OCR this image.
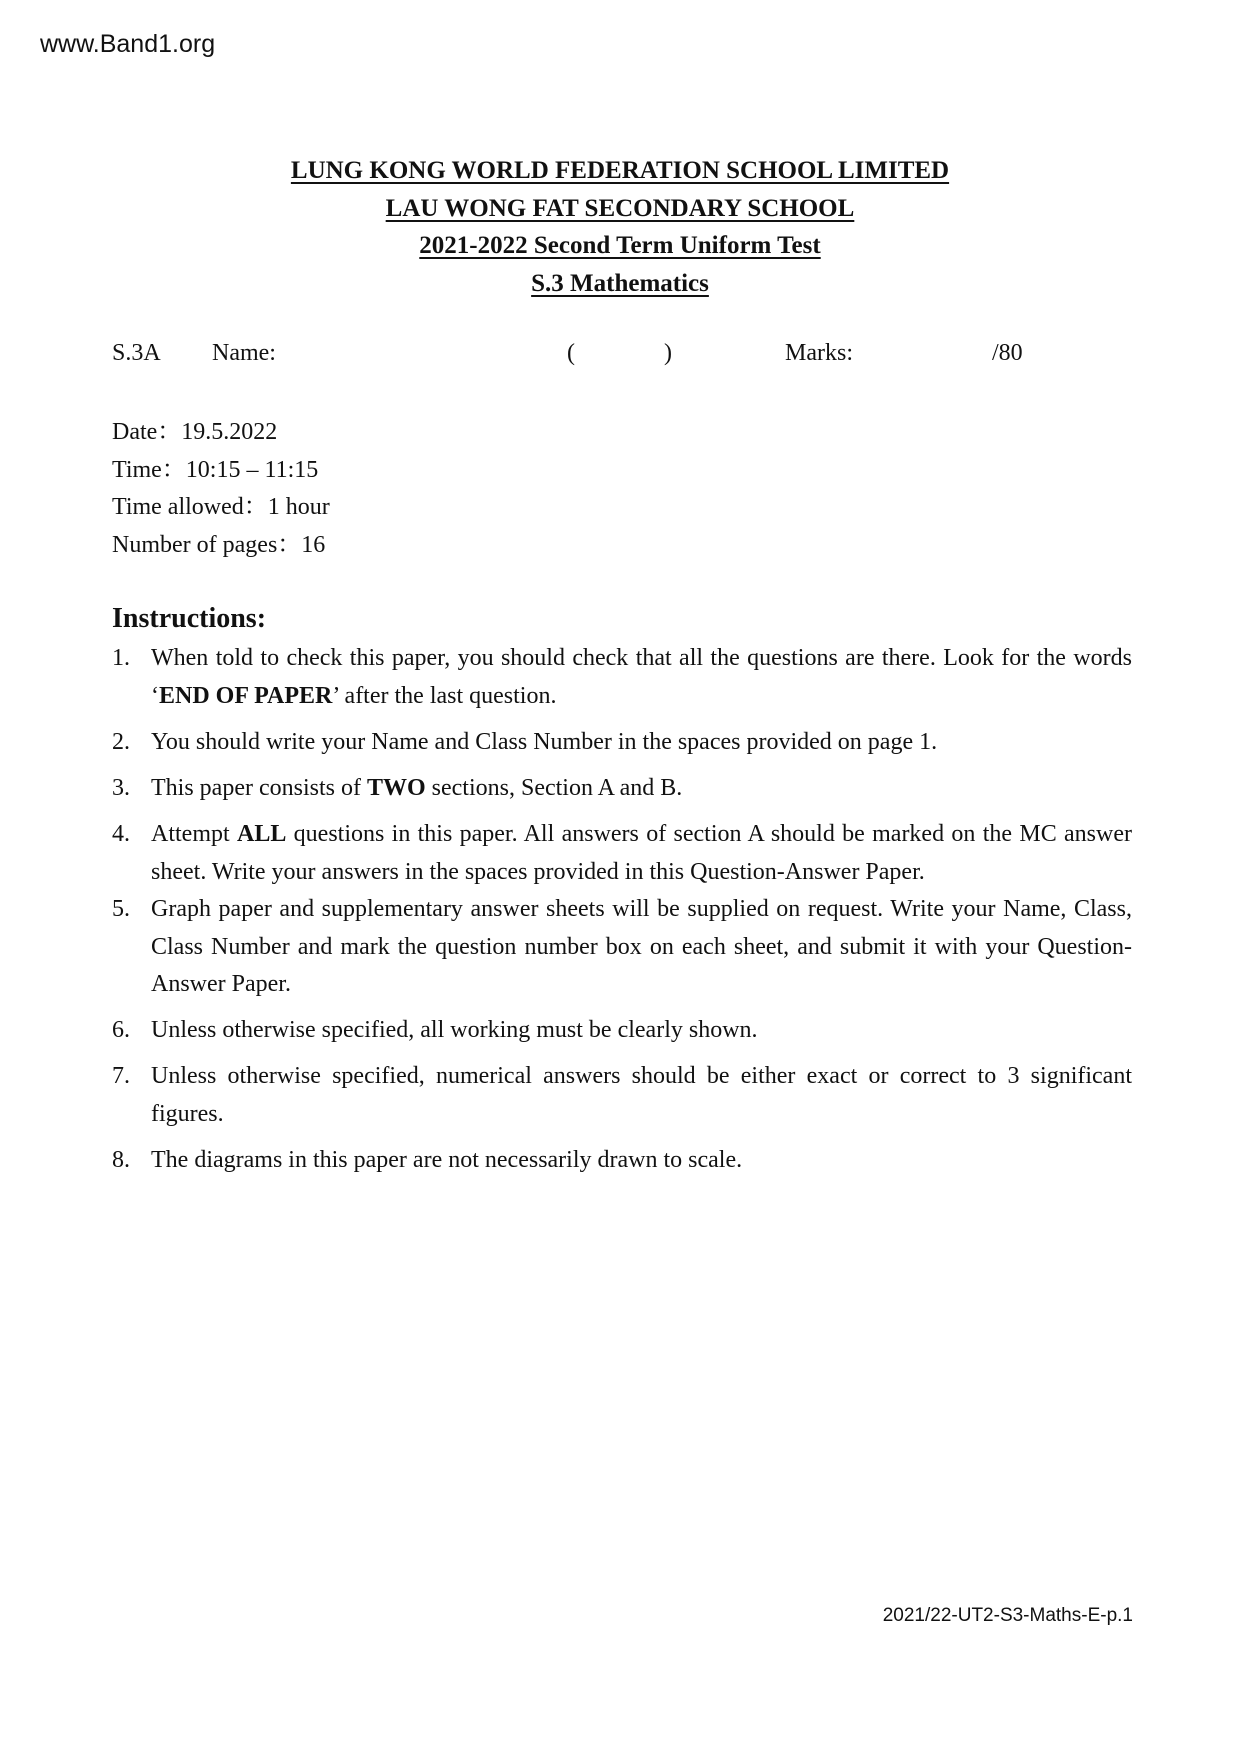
www.Band1.org
LUNG KONG WORLD FEDERATION SCHOOL LIMITED
LAU WONG FAT SECONDARY SCHOOL
2021-2022 Second Term Uniform Test
S.3 Mathematics
S.3A Name:	(	)	Marks:	/80
Date：19.5.2022
Time：10:15 – 11:15
Time allowed：1 hour
Number of pages：16
Instructions:
1. When told to check this paper, you should check that all the questions are there. Look for the words ‘END OF PAPER’ after the last question.
2. You should write your Name and Class Number in the spaces provided on page 1.
3. This paper consists of TWO sections, Section A and B.
4. Attempt ALL questions in this paper. All answers of section A should be marked on the MC answer sheet. Write your answers in the spaces provided in this Question-Answer Paper.
5. Graph paper and supplementary answer sheets will be supplied on request. Write your Name, Class, Class Number and mark the question number box on each sheet, and submit it with your Question-Answer Paper.
6. Unless otherwise specified, all working must be clearly shown.
7. Unless otherwise specified, numerical answers should be either exact or correct to 3 significant figures.
8. The diagrams in this paper are not necessarily drawn to scale.
2021/22-UT2-S3-Maths-E-p.1
